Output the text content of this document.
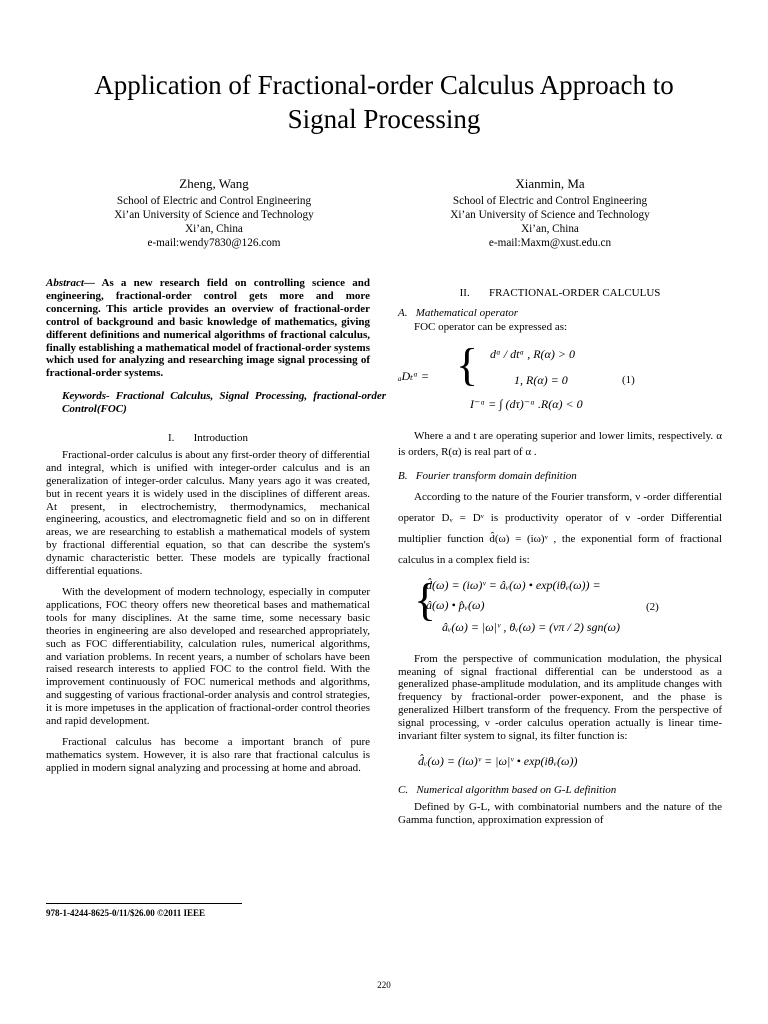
Application of Fractional-order Calculus Approach to
Signal Processing
Zheng, Wang
School of Electric and Control Engineering
Xi’an University of Science and Technology
Xi’an, China
e-mail:wendy7830@126.com
Xianmin, Ma
School of Electric and Control Engineering
Xi’an University of Science and Technology
Xi’an, China
e-mail:Maxm@xust.edu.cn
Abstract— As a new research field on controlling science and engineering, fractional-order control gets more and more concerning. This article provides an overview of fractional-order control of background and basic knowledge of mathematics, giving different definitions and numerical algorithms of fractional calculus, finally establishing a mathematical model of fractional-order systems which used for analyzing and researching image signal processing of fractional-order systems.
Keywords- Fractional Calculus, Signal Processing, fractional-order Control(FOC)
I.       Introduction
Fractional-order calculus is about any first-order theory of differential and integral, which is unified with integer-order calculus and is an generalization of integer-order calculus. Many years ago it was created, but in recent years it is widely used in the disciplines of different areas. At present, in electrochemistry, thermodynamics, mechanical engineering, acoustics, and electromagnetic field and so on in different areas, we are researching to establish a mathematical models of system by fractional differential equation, so that can describe the system's dynamic characteristic better. These models are typically fractional differential equations.
With the development of modern technology, especially in computer applications, FOC theory offers new theoretical bases and mathematical tools for many disciplines. At the same time, some necessary basic theories in engineering are also developed and researched appropriately, such as FOC differentiability, calculation rules, numerical algorithms, and variation problems. In recent years, a number of scholars have been raised research interests to applied FOC to the control field. With the improvement continuously of FOC numerical methods and algorithms, and suggesting of various fractional-order analysis and control strategies, it is more impetuses in the application of fractional-order control theories and rapid development.
Fractional calculus has become a important branch of pure mathematics system. However, it is also rare that fractional calculus is applied in modern signal analyzing and processing at home and abroad.
II.       FRACTIONAL-ORDER CALCULUS
A.   Mathematical operator
FOC operator can be expressed as:
ₐDₜᵅ = { dᵅ / dtᵅ , R(α) > 0
1, R(α) = 0
I⁻ᵅ = ∫ (dτ)⁻ᵅ .R(α) < 0
(1)
Where a and t are operating superior and lower limits, respectively. α is orders, R(α) is real part of α .
B.   Fourier transform domain definition
According to the nature of the Fourier transform, ν -order differential operator Dᵥ = Dᵛ is productivity operator of ν -order Differential multiplier function d̂(ω) = (iω)ᵛ , the exponential form of fractional calculus in a complex field is:
{
d̂(ω) = (iω)ᵛ = âᵥ(ω) • exp(iθᵥ(ω)) =
â(ω) • p̂ᵥ(ω)
âᵥ(ω) = |ω|ᵛ , θᵥ(ω) = (νπ / 2) sgn(ω)
(2)
From the perspective of communication modulation, the physical meaning of signal fractional differential can be understood as a generalized phase-amplitude modulation, and its amplitude changes with frequency by fractional-order power-exponent, and the phase is generalized Hilbert transform of the frequency. From the perspective of signal processing, ν -order calculus operation actually is linear time-invariant filter system to signal, its filter function is:
d̂ᵥ(ω) = (iω)ᵛ = |ω|ᵛ • exp(iθᵥ(ω))
C.   Numerical algorithm based on G-L definition
Defined by G-L, with combinatorial numbers and the nature of the Gamma function, approximation expression of
978-1-4244-8625-0/11/$26.00 ©2011 IEEE
220
